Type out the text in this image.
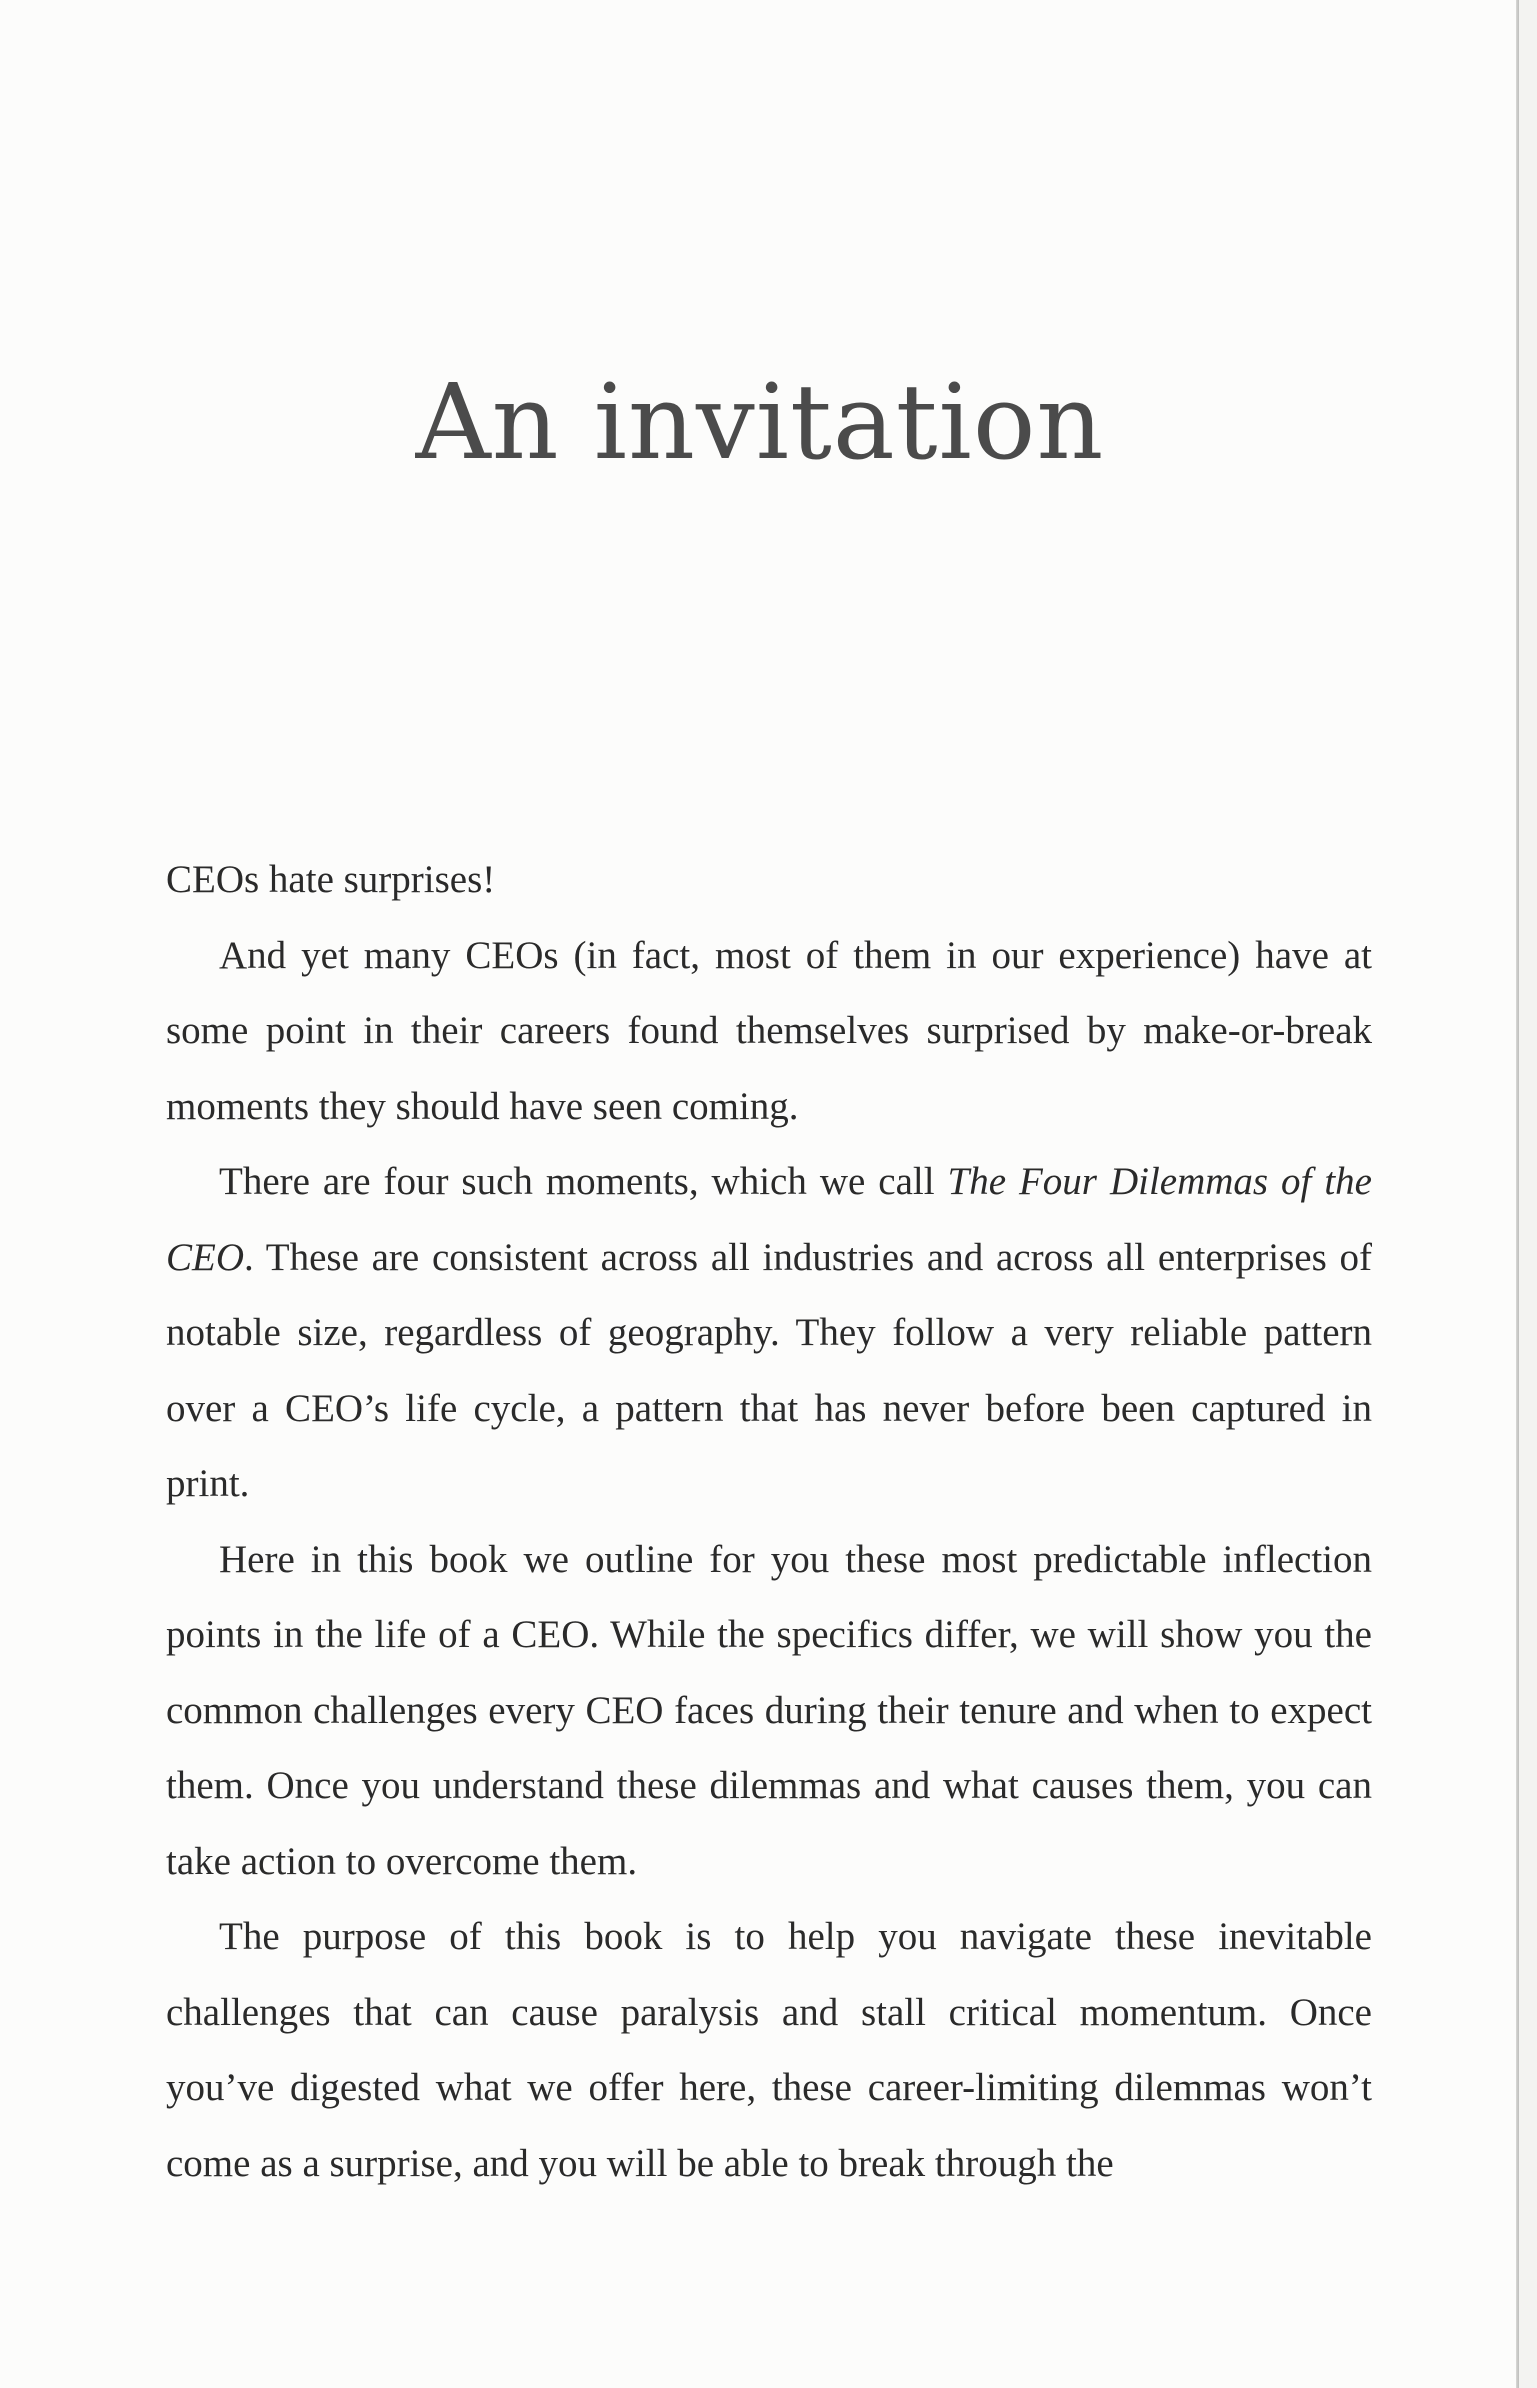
An invitation

CEOs hate surprises!

And yet many CEOs (in fact, most of them in our experience) have at some point in their careers found themselves surprised by make-or-break moments they should have seen coming.

There are four such moments, which we call The Four Dilemmas of the CEO. These are consistent across all industries and across all enterprises of notable size, regardless of geography. They follow a very reliable pattern over a CEO’s life cycle, a pattern that has never before been captured in print.

Here in this book we outline for you these most predictable inflection points in the life of a CEO. While the specifics differ, we will show you the common challenges every CEO faces during their tenure and when to expect them. Once you understand these dilemmas and what causes them, you can take action to overcome them.

The purpose of this book is to help you navigate these inevitable challenges that can cause paralysis and stall critical momentum. Once you’ve digested what we offer here, these career-limiting dilemmas won’t come as a surprise, and you will be able to break through the
